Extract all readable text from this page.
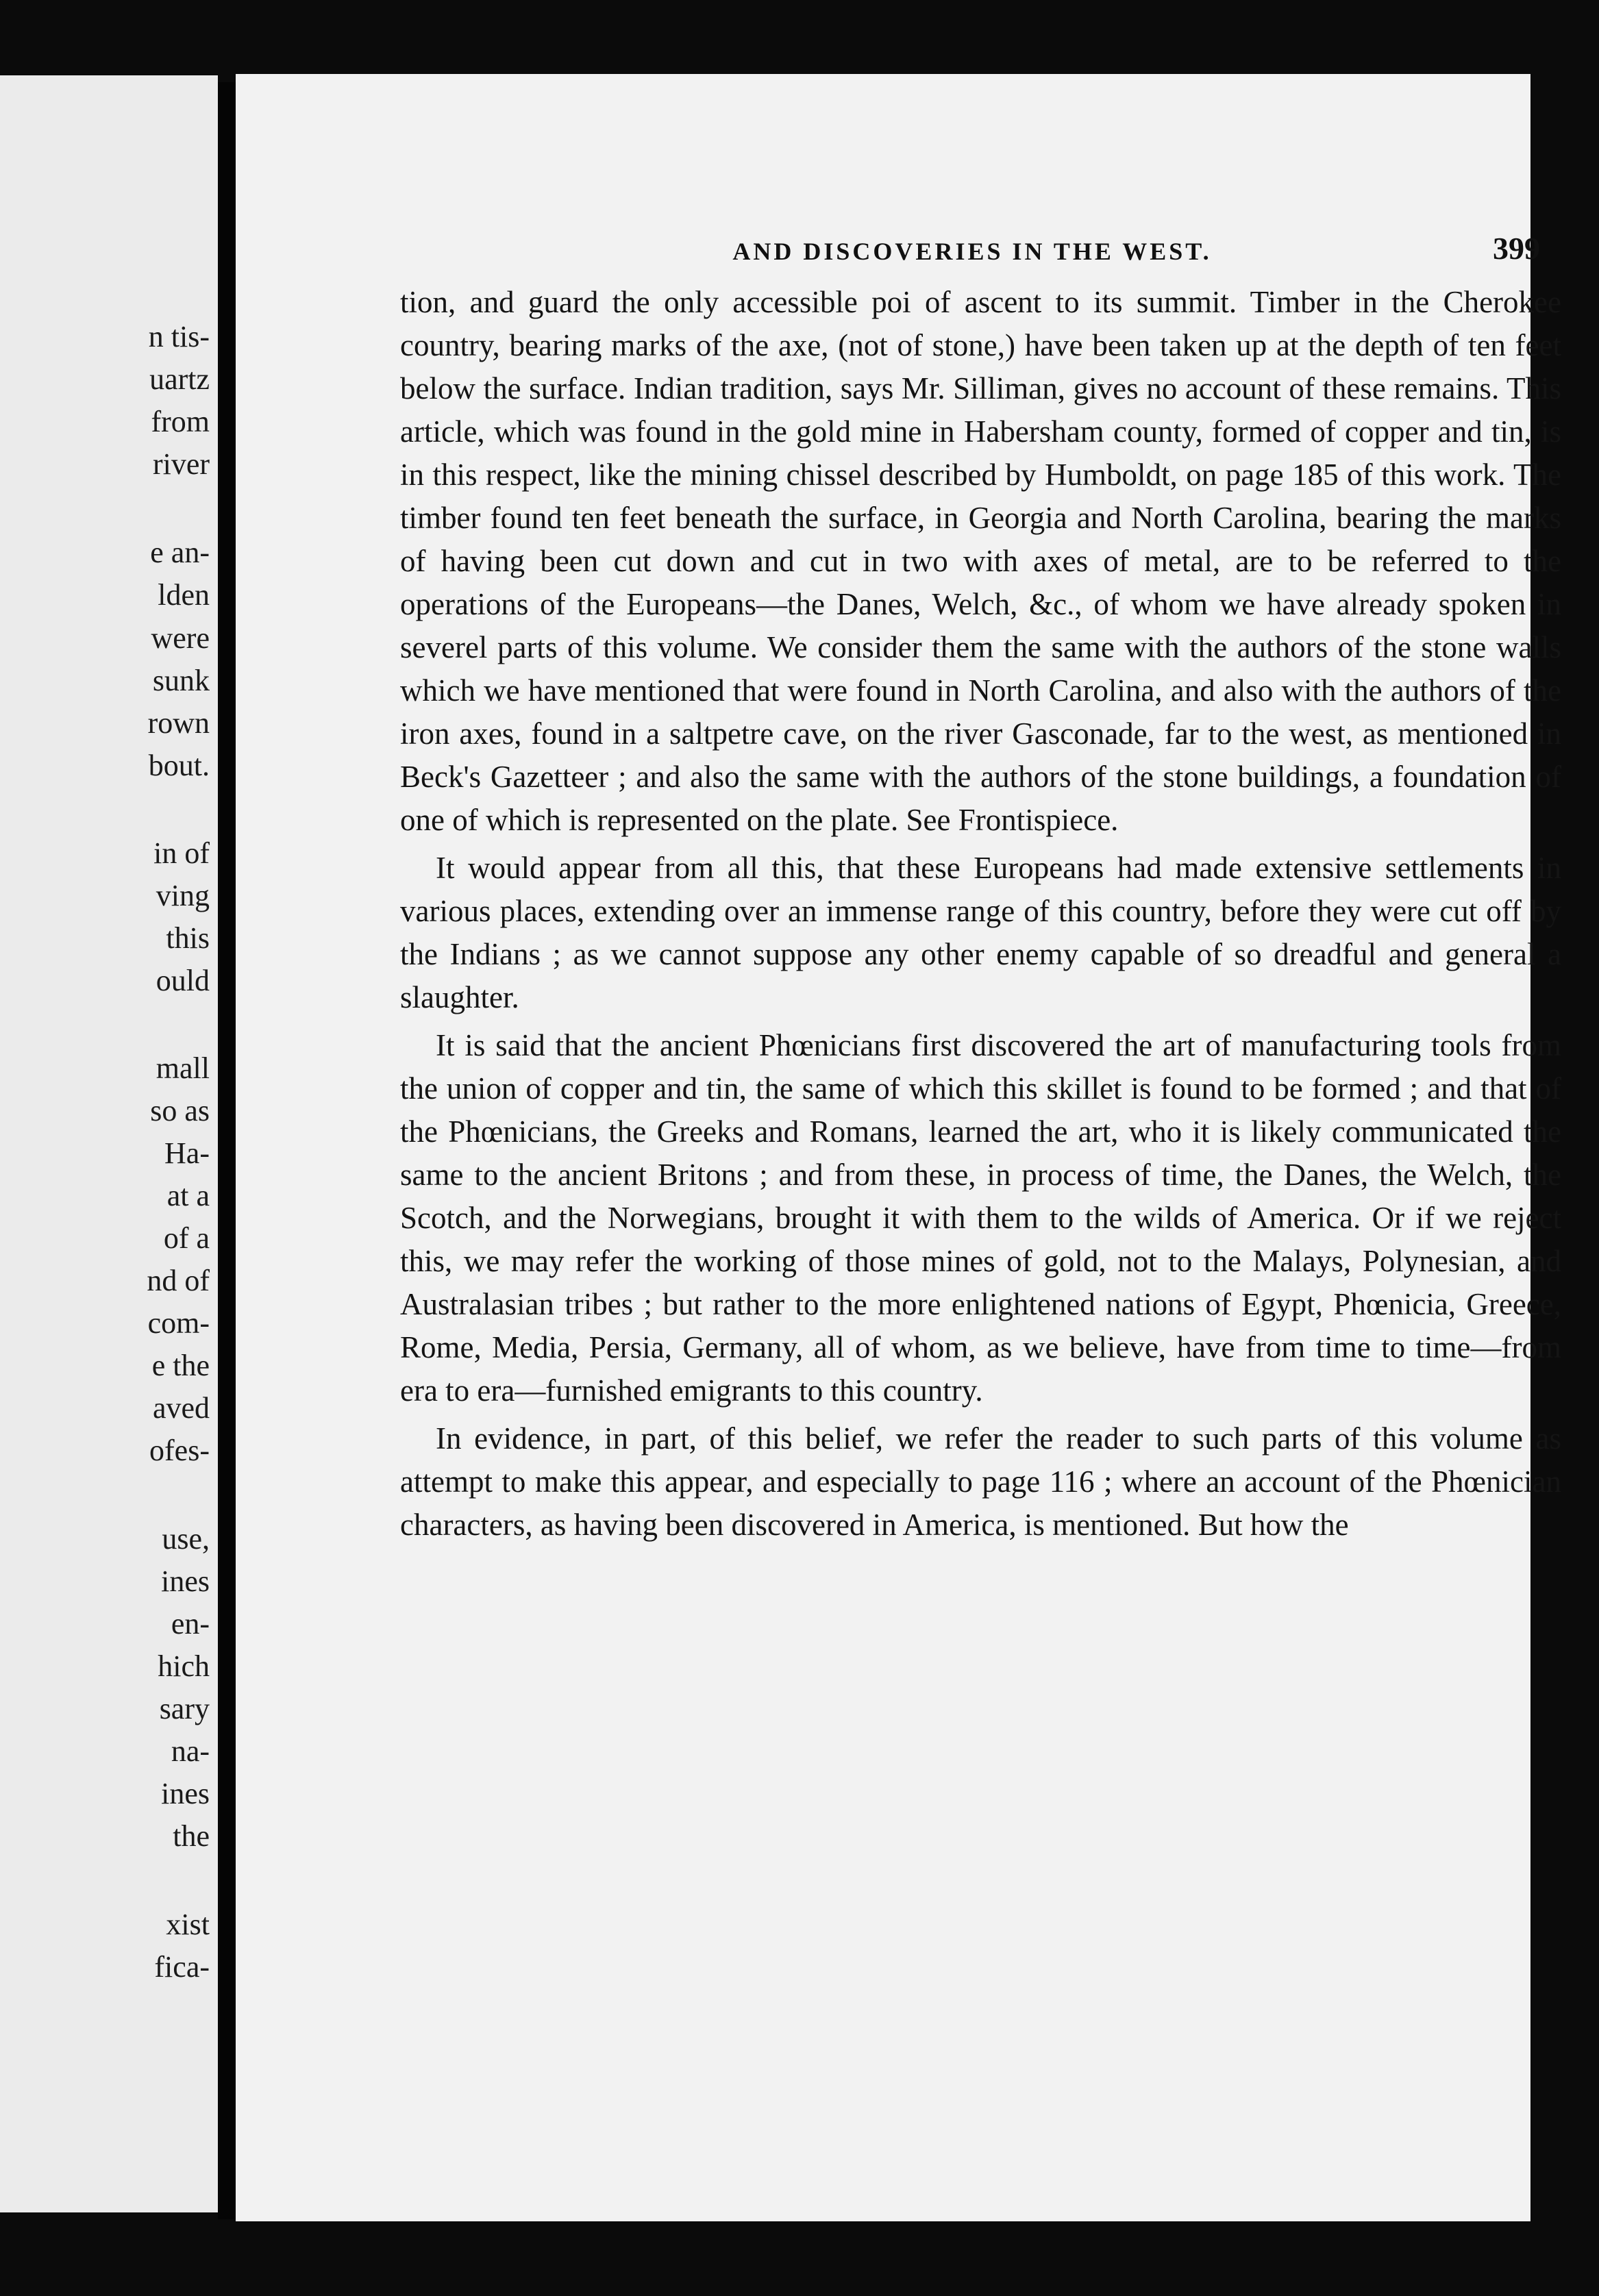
n tis-
uartz
from
river
e an-
lden
were
sunk
rown
bout.
in of
ving
this
ould
mall
so as
Ha-
at a
of a
nd of
com-
e the
aved
ofes-
use,
ines
en-
hich
sary
na-
ines
the
xist
fica-
AND DISCOVERIES IN THE WEST.	399

tion, and guard the only accessible poi of ascent to its summit. Timber in the Cherokee country, bearing marks of the axe, (not of stone,) have been taken up at the depth of ten feet below the surface. Indian tradition, says Mr. Silliman, gives no account of these remains. This article, which was found in the gold mine in Habersham county, formed of copper and tin, is in this respect, like the mining chissel described by Humboldt, on page 185 of this work. The timber found ten feet beneath the surface, in Georgia and North Carolina, bearing the marks of having been cut down and cut in two with axes of metal, are to be referred to the operations of the Europeans—the Danes, Welch, &c., of whom we have already spoken in severel parts of this volume. We consider them the same with the authors of the stone walls which we have mentioned that were found in North Carolina, and also with the authors of the iron axes, found in a saltpetre cave, on the river Gasconade, far to the west, as mentioned in Beck's Gazetteer ; and also the same with the authors of the stone buildings, a foundation of one of which is represented on the plate. See Frontispiece.

It would appear from all this, that these Europeans had made extensive settlements in various places, extending over an immense range of this country, before they were cut off by the Indians ; as we cannot suppose any other enemy capable of so dreadful and general a slaughter.

It is said that the ancient Phœnicians first discovered the art of manufacturing tools from the union of copper and tin, the same of which this skillet is found to be formed ; and that of the Phœnicians, the Greeks and Romans, learned the art, who it is likely communicated the same to the ancient Britons ; and from these, in process of time, the Danes, the Welch, the Scotch, and the Norwegians, brought it with them to the wilds of America. Or if we reject this, we may refer the working of those mines of gold, not to the Malays, Polynesian, and Australasian tribes ; but rather to the more enlightened nations of Egypt, Phœnicia, Greece, Rome, Media, Persia, Germany, all of whom, as we believe, have from time to time—from era to era—furnished emigrants to this country.

In evidence, in part, of this belief, we refer the reader to such parts of this volume as attempt to make this appear, and especially to page 116 ; where an account of the Phœnician characters, as having been discovered in America, is mentioned. But how the
